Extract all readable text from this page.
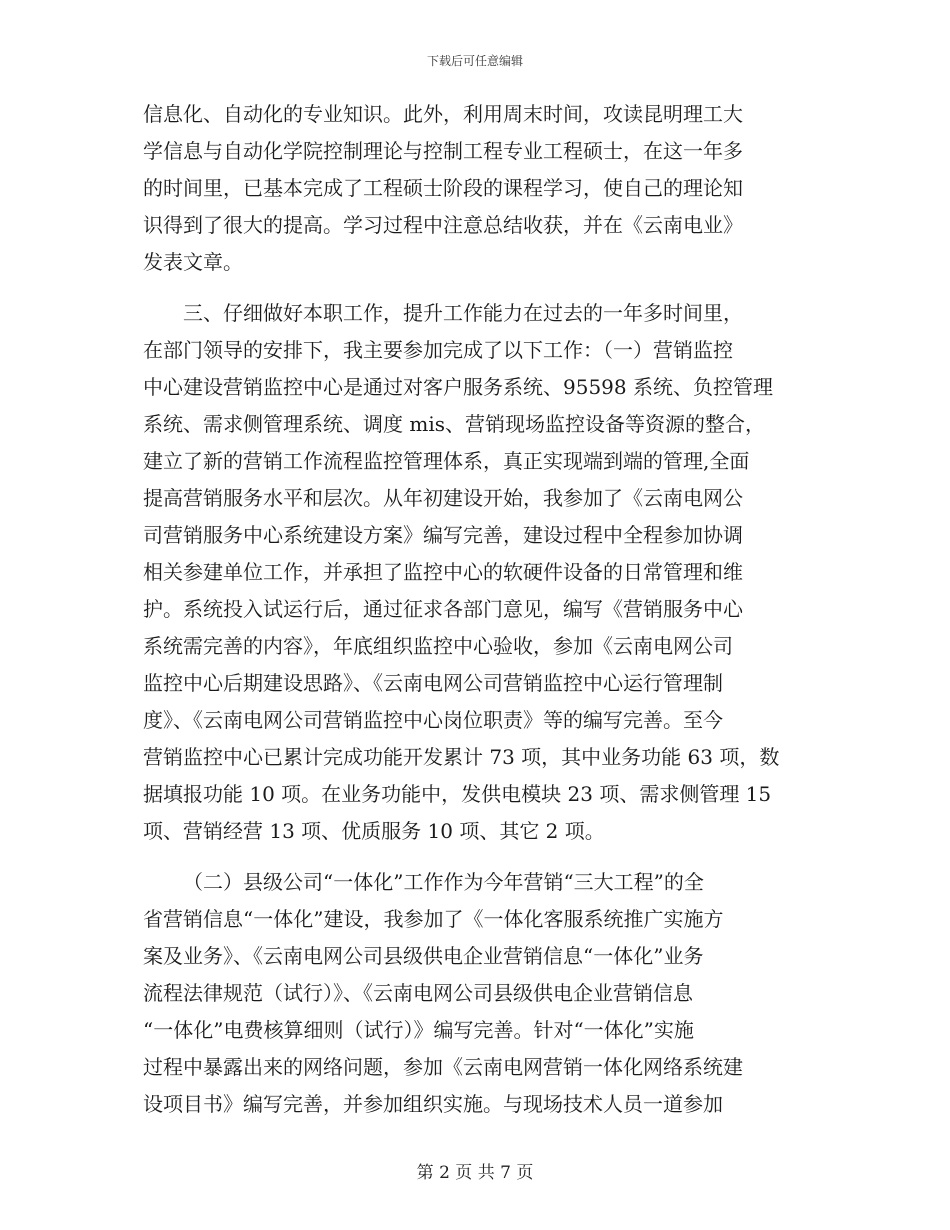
下载后可任意编辑
信息化、自动化的专业知识。此外，利用周末时间，攻读昆明理工大
学信息与自动化学院控制理论与控制工程专业工程硕士，在这一年多
的时间里，已基本完成了工程硕士阶段的课程学习，使自己的理论知
识得到了很大的提高。学习过程中注意总结收获，并在《云南电业》
发表文章。
三、仔细做好本职工作，提升工作能力在过去的一年多时间里，
在部门领导的安排下，我主要参加完成了以下工作：（一）营销监控
中心建设营销监控中心是通过对客户服务系统、95598 系统、负控管理
系统、需求侧管理系统、调度 mis、营销现场监控设备等资源的整合，
建立了新的营销工作流程监控管理体系，真正实现端到端的管理,全面
提高营销服务水平和层次。从年初建设开始，我参加了《云南电网公
司营销服务中心系统建设方案》编写完善，建设过程中全程参加协调
相关参建单位工作，并承担了监控中心的软硬件设备的日常管理和维
护。系统投入试运行后，通过征求各部门意见，编写《营销服务中心
系统需完善的内容》，年底组织监控中心验收，参加《云南电网公司
监控中心后期建设思路》、《云南电网公司营销监控中心运行管理制
度》、《云南电网公司营销监控中心岗位职责》等的编写完善。至今
营销监控中心已累计完成功能开发累计 73 项，其中业务功能 63 项，数
据填报功能 10 项。在业务功能中，发供电模块 23 项、需求侧管理 15
项、营销经营 13 项、优质服务 10 项、其它 2 项。
（二）县级公司“一体化”工作作为今年营销“三大工程”的全
省营销信息“一体化”建设，我参加了《一体化客服系统推广实施方
案及业务》、《云南电网公司县级供电企业营销信息“一体化”业务
流程法律规范（试行）》、《云南电网公司县级供电企业营销信息
“一体化”电费核算细则（试行）》编写完善。针对“一体化”实施
过程中暴露出来的网络问题，参加《云南电网营销一体化网络系统建
设项目书》编写完善，并参加组织实施。与现场技术人员一道参加
第 2 页 共 7 页
